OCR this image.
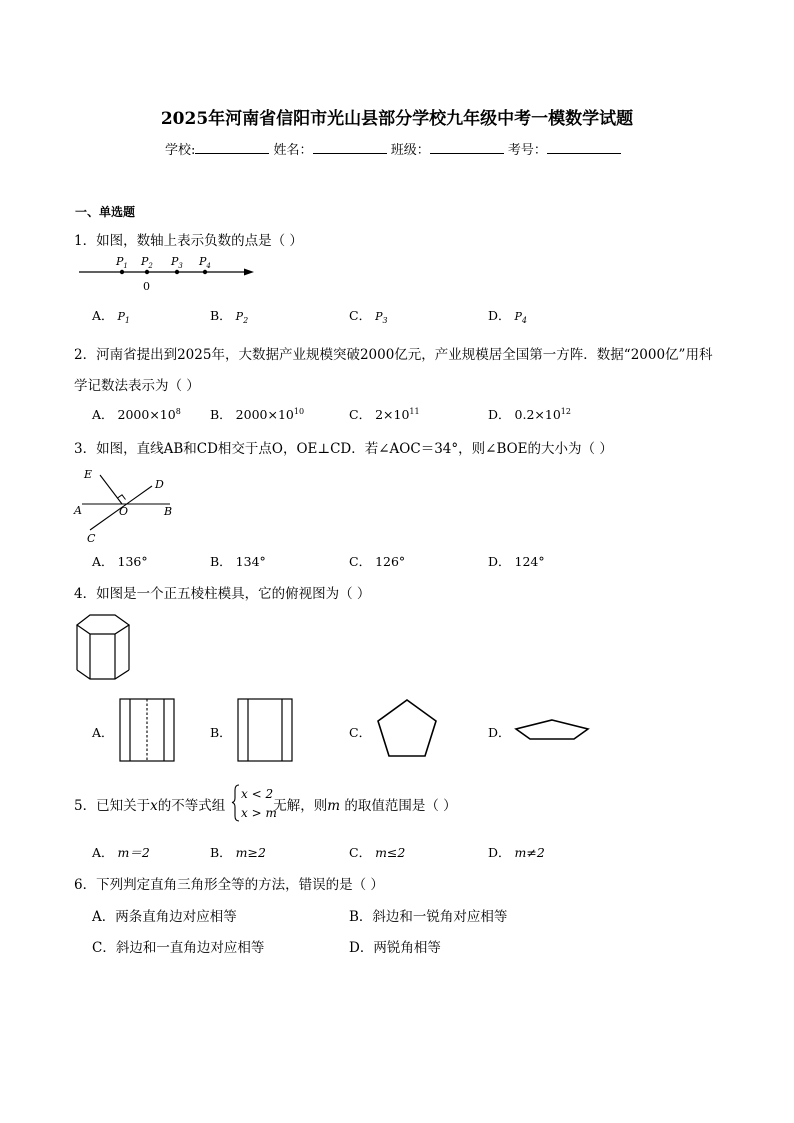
2025年河南省信阳市光山县部分学校九年级中考一模数学试题
学校:	姓名：	班级：	考号：
一、单选题
1．如图，数轴上表示负数的点是（ ）
$P_1$ $P_2$ $P_3$ $P_4$
0
A． $P_1$	B． $P_2$	C． $P_3$	D． $P_4$
2．河南省提出到2025年，大数据产业规模突破2000亿元，产业规模居全国第一方阵．数据“2000亿”用科
学记数法表示为（ ）
A． $2000\times 10^8$ B． $2000\times 10^{10}$	C． $2\times 10^{11}$	D． $0.2\times 10^{12}$
3．如图，直线AB和CD相交于点O，OE⊥CD．若∠AOC＝34°，则∠BOE的大小为（ ）
E
D
A	O	B
C
A． 136°	B． 134°	C． 126°	D． 124°
4．如图是一个正五棱柱模具，它的俯视图为（ ）
A．	B．	C．	D．
5．已知关于x的不等式组	无解，则m 的取值范围是（ ）
x < 2
x > m
A． m＝2	B． m≥2	C． m≤2	D． m≠2
6．下列判定直角三角形全等的方法，错误的是（ ）
A．两条直角边对应相等	B．斜边和一锐角对应相等
C．斜边和一直角边对应相等	D．两锐角相等
